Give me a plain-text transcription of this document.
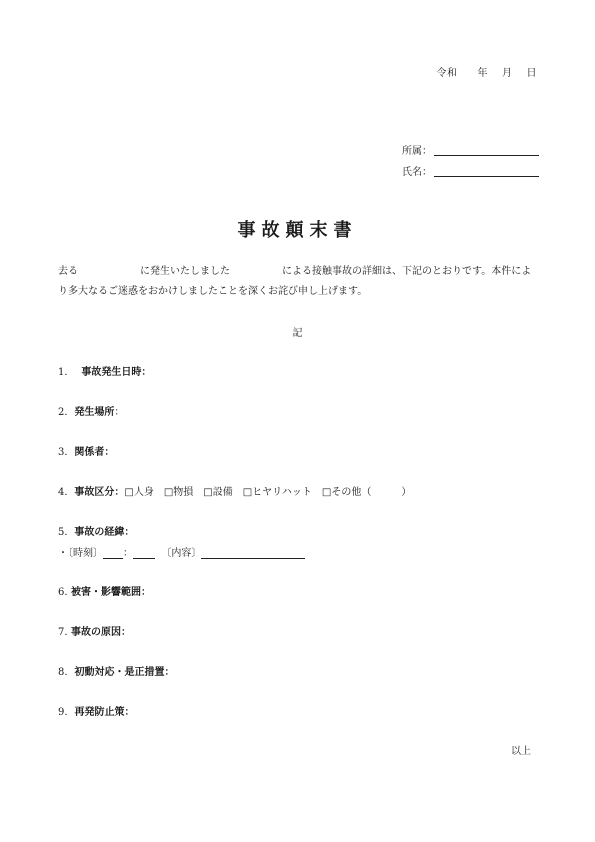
令和 年 月 日
所属：
氏名：
事故顛末書
去る	に発生いたしました	による接触事故の詳細は、下記のとおりです。本件により多大なるご迷惑をおかけしましたことを深くお詫び申し上げます。
記
1． 事故発生日時：
2．発生場所：
3．関係者：
4．事故区分：□人身 □物損 □設備 □ヒヤリハット □その他（　　　）
5．事故の経緯：
・〔時刻〕 ：	〔内容〕
6. 被害・影響範囲：
7. 事故の原因：
8. 初動対応・是正措置：
9. 再発防止策：
以上
